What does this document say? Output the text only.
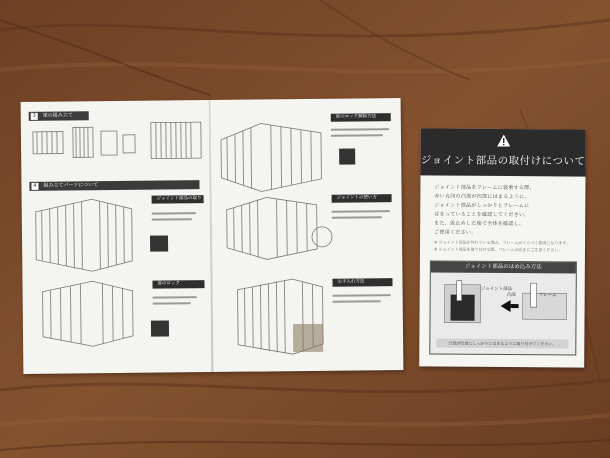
3	扉の組み立て
4	組み立てパーツについて
ジョイント部品の取り付け
扉のロック
扉のロック解除方法
ジョイントの使い方
お手入れ方法
ジョイント部品の取付けについて
ジョイント部品をフレームに装着する際、
赤い丸印の凸部が凹部にはまるように、
ジョイント部品がしっかりとフレームに
はまっていることを確認してください。
また、仮止めした後で全体を確認し、
ご使用ください。
※ ジョイント部品が外れている場合、フレームがぐらつく原因となります。
※ ジョイント部品を取り付ける際、フレームの向きにご注意ください。
ジョイント部品のはめ込み方法
ジョイント部品
凸部	フレーム
凸部が凹部にしっかりとはまるように取り付けてください。
